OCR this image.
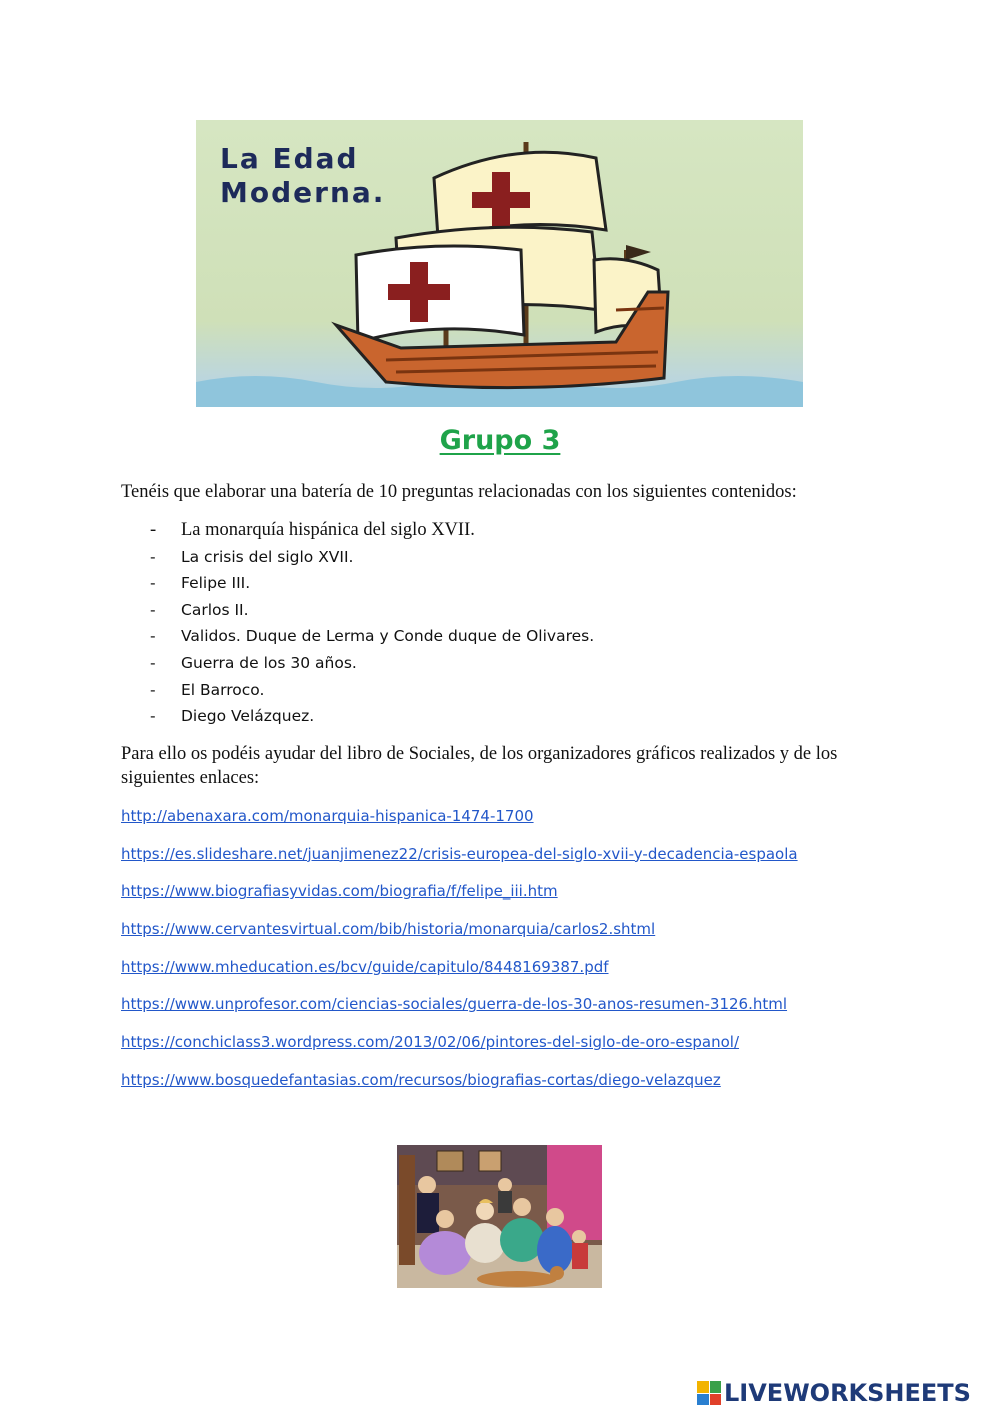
La Edad
Moderna.
Grupo 3
Tenéis que elaborar una batería de 10 preguntas relacionadas con los siguientes contenidos:
- La monarquía hispánica del siglo XVII.
- La crisis del siglo XVII.
- Felipe III.
- Carlos II.
- Validos. Duque de Lerma y Conde duque de Olivares.
- Guerra de los 30 años.
- El Barroco.
- Diego Velázquez.
Para ello os podéis ayudar del libro de Sociales, de los organizadores gráficos realizados y de los siguientes enlaces:
http://abenaxara.com/monarquia-hispanica-1474-1700
https://es.slideshare.net/juanjimenez22/crisis-europea-del-siglo-xvii-y-decadencia-espaola
https://www.biografiasyvidas.com/biografia/f/felipe_iii.htm
https://www.cervantesvirtual.com/bib/historia/monarquia/carlos2.shtml
https://www.mheducation.es/bcv/guide/capitulo/8448169387.pdf
https://www.unprofesor.com/ciencias-sociales/guerra-de-los-30-anos-resumen-3126.html
https://conchiclass3.wordpress.com/2013/02/06/pintores-del-siglo-de-oro-espanol/
https://www.bosquedefantasias.com/recursos/biografias-cortas/diego-velazquez
LIVEWORKSHEETS
